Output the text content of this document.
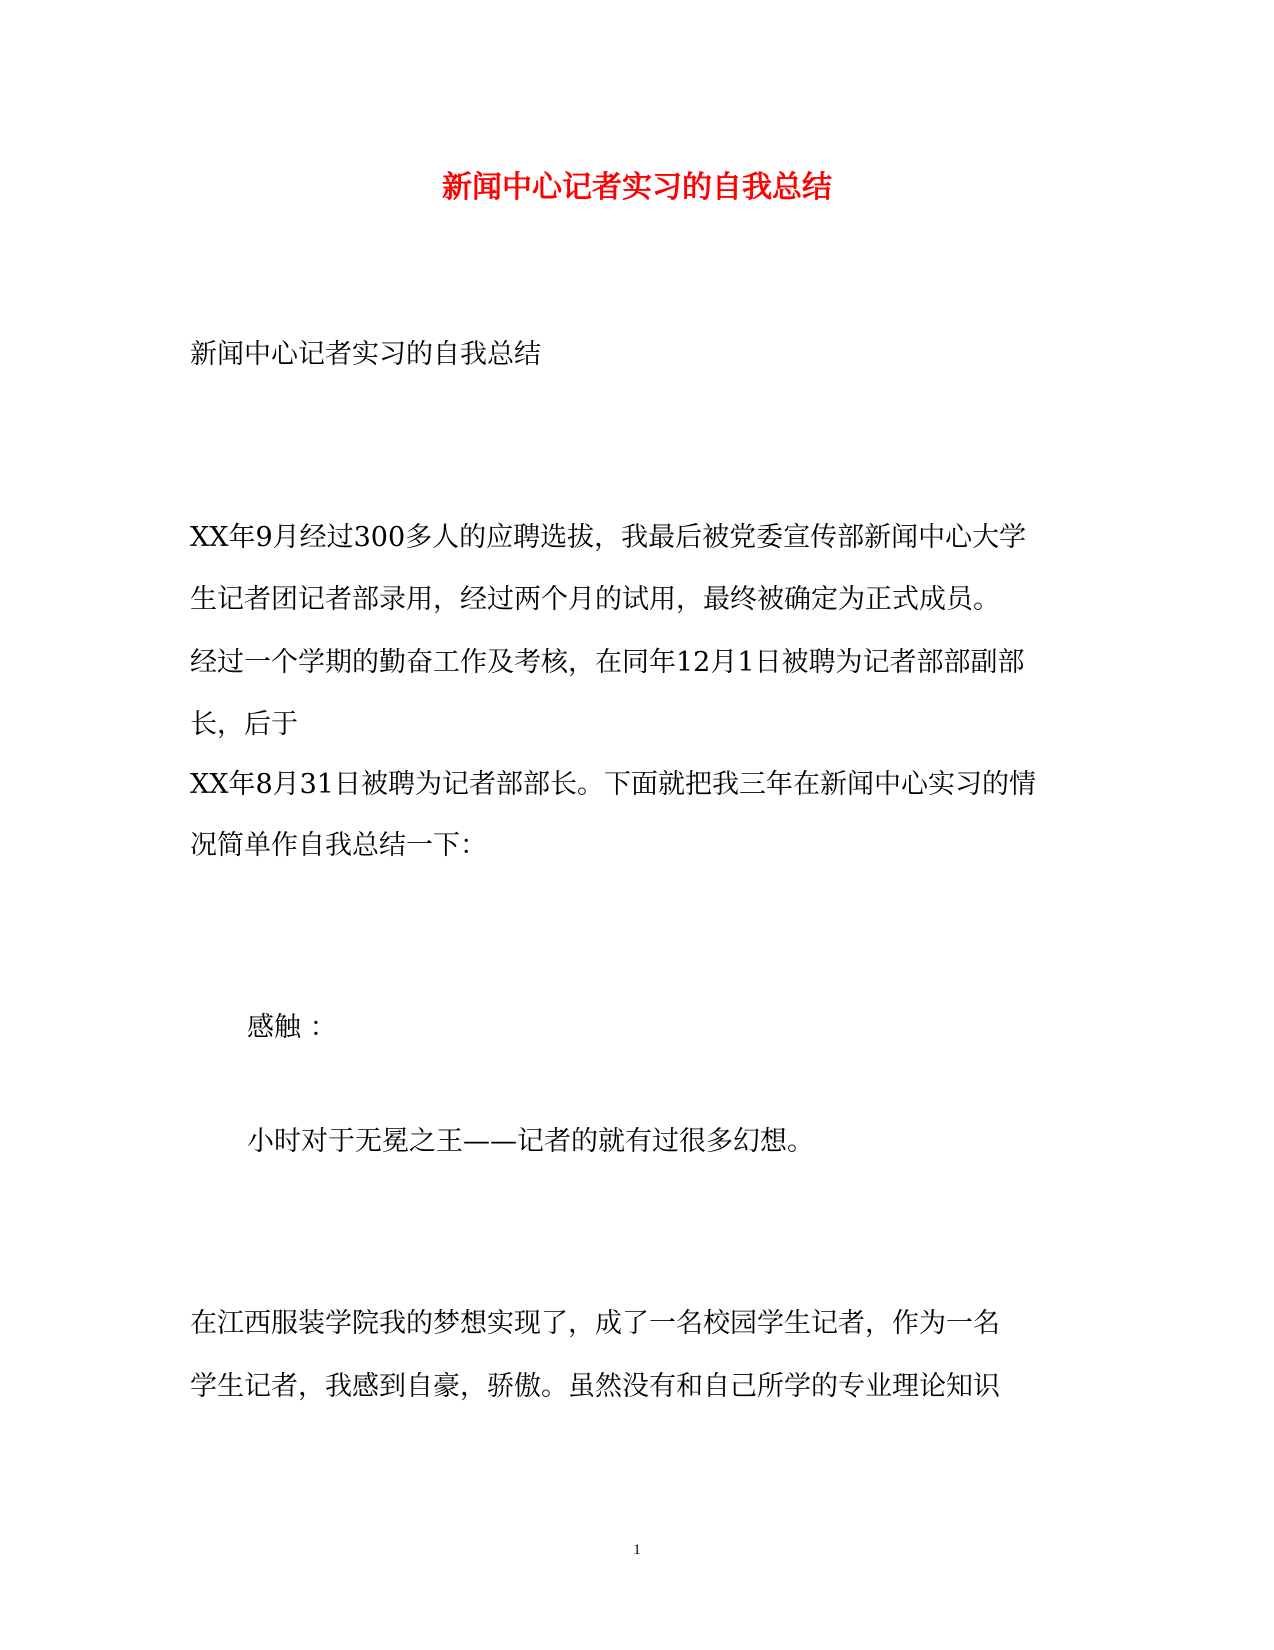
新闻中心记者实习的自我总结
新闻中心记者实习的自我总结
XX年9月经过300多人的应聘选拔，我最后被党委宣传部新闻中心大学
生记者团记者部录用，经过两个月的试用，最终被确定为正式成员。
经过一个学期的勤奋工作及考核，在同年12月1日被聘为记者部部副部
长，后于
XX年8月31日被聘为记者部部长。下面就把我三年在新闻中心实习的情
况简单作自我总结一下：
感触 ：
小时对于无冕之王——记者的就有过很多幻想。
在江西服装学院我的梦想实现了，成了一名校园学生记者，作为一名
学生记者，我感到自豪，骄傲。虽然没有和自己所学的专业理论知识
1
